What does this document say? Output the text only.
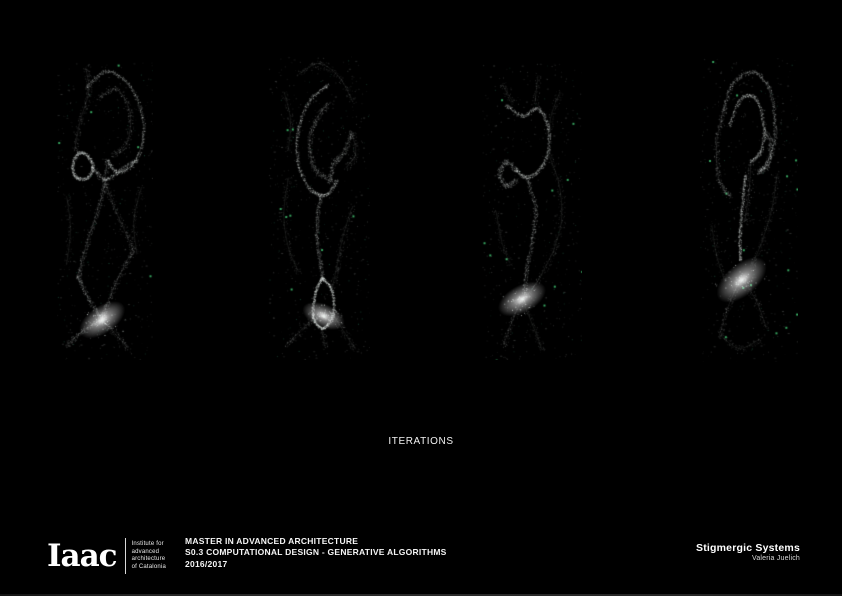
ITERATIONS
Iaac	Institute for
advanced
architecture
of Catalonia
MASTER IN ADVANCED ARCHITECTURE
S0.3 COMPUTATIONAL DESIGN - GENERATIVE ALGORITHMS
2016/2017
Stigmergic Systems
Valeria Juelich
